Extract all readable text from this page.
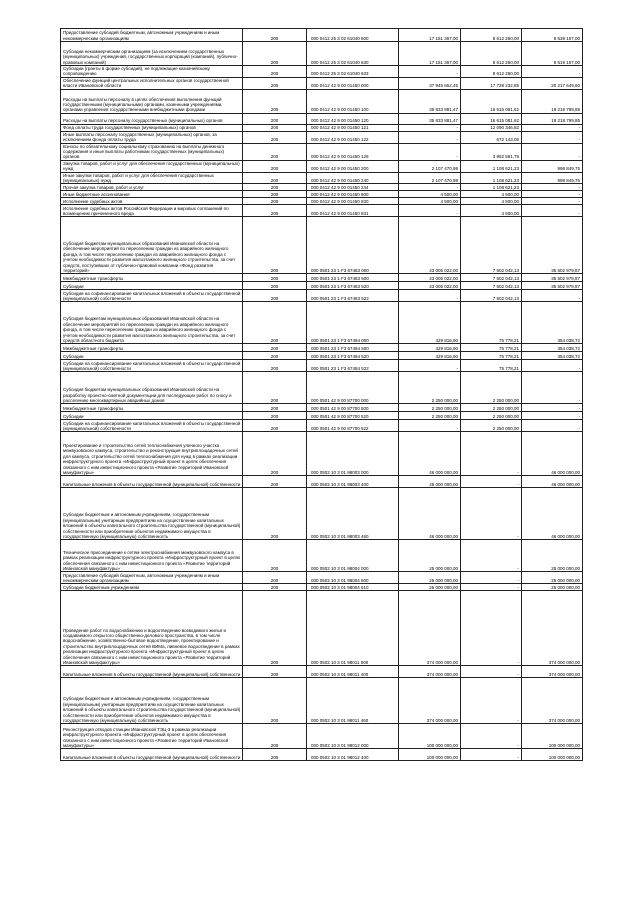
Предоставление субсидий бюджетным, автономным учреждениям и иным некоммерческим организациям	200	000 0412 25 3 02 61040 600	17 151 367,00	8 612 260,00	8 539 107,00
Субсидии некоммерческим организациям (за исключением государственных (муниципальных) учреждений, государственных корпораций (компаний), публично-правовых компаний)	200	000 0412 25 3 02 61040 630	17 151 367,00	8 612 260,00	8 519 107,00
Субсидии (гранты в форме субсидий), не подлежащие казначейскому сопровождению	200	000 0412 25 3 02 61040 633	-	8 612 260,00	-
Обеспечение функций центральных исполнительных органов государственной власти Ивановской области	200	000 0412 42 9 00 01450 000	37 945 652,45	17 728 232,85	20 217 649,60
Расходы на выплаты персоналу в целях обеспечения выполнения функций государственными (муниципальными) органами, казенными учреждениями, органами управления государственными внебюджетными фондами	200	000 0412 42 9 00 01450 100	35 833 881,47	16 615 081,62	19 218 799,85
Расходы на выплаты персоналу государственных (муниципальных) органов	200	000 0412 42 9 00 01450 120	35 833 881,47	16 615 081,62	19 218 799,85
Фонд оплаты труда государственных (муниципальных) органов	200	000 0412 42 9 00 01450 121	-	12 090 346,82	-
Иные выплаты персоналу государственных (муниципальных) органов, за исключением фонда оплаты труда	200	000 0412 42 9 00 01450 122	-	672 143,05	-
Взносы по обязательному социальному страхованию на выплаты денежного содержания и иные выплаты работникам государственных (муниципальных) органов	200	000 0412 42 9 00 01450 129	-	3 852 591,75	-
Закупка товаров, работ и услуг для обеспечения государственных (муниципальных) нужд	200	000 0412 42 9 00 01450 200	2 107 470,98	1 108 621,23	998 849,75
Иные закупки товаров, работ и услуг для обеспечения государственных (муниципальных) нужд	200	000 0412 42 9 00 01450 240	2 107 470,98	1 108 621,23	998 849,75
Прочая закупка товаров, работ и услуг	200	000 0412 42 9 00 01450 244	-	1 108 621,23	-
Иные бюджетные ассигнования	200	000 0412 42 9 00 01450 800	4 500,00	4 500,00	-
Исполнение судебных актов	200	000 0412 42 9 00 01450 830	4 500,00	4 500,00	-
Исполнение судебных актов Российской Федерации и мировых соглашений по возмещению причиненного вреда	200	000 0412 42 9 00 01450 831	-	4 500,00	-
Субсидия бюджетам муниципальных образований Ивановской области на обеспечение мероприятий по переселению граждан из аварийного жилищного фонда, в том числе переселению граждан из аварийного жилищного фонда с учетом необходимости развития малоэтажного жилищного строительства, за счет средств, поступивших от публично-правовой компании «Фонд развития территорий»	200	000 0501 23 1 F3 67483 000	43 005 022,00	7 502 042,13	35 502 979,87
Межбюджетные трансферты	200	000 0501 23 1 F3 67483 500	43 005 022,00	7 502 042,13	35 502 979,87
Субсидии	200	000 0501 23 1 F3 67483 520	43 005 022,00	7 502 042,13	35 502 979,87
Субсидии на софинансирование капитальных вложений в объекты государственной (муниципальной) собственности	200	000 0501 23 1 F3 67483 522	-	7 502 042,13	-
Субсидия бюджетам муниципальных образований Ивановской области на обеспечение мероприятий по переселению граждан из аварийного жилищного фонда, в том числе переселению граждан из аварийного жилищного фонда с учетом необходимости развития малоэтажного жилищного строительства, за счет средств областного бюджета	200	000 0501 23 1 F3 67484 000	429 816,90	75 778,21	354 038,72
Межбюджетные трансферты	200	000 0501 23 1 F3 67484 500	429 816,90	75 778,21	354 038,72
Субсидии	200	000 0501 23 1 F3 67484 520	429 816,90	75 778,21	354 038,72
Субсидии на софинансирование капитальных вложений в объекты государственной (муниципальной) собственности	200	000 0501 23 1 F3 67484 522	-	75 778,21	-
Субсидия бюджетам муниципальных образований Ивановской области на разработку проектно-сметной документации для последующих работ по сносу и расселению многоквартирных аварийных домов	200	000 0501 42 9 00 87700 000	2 250 000,00	2 250 000,00	-
Межбюджетные трансферты	200	000 0501 42 9 00 87700 500	2 250 000,00	2 250 000,00	-
Субсидии	200	000 0501 42 9 00 87700 520	2 250 000,00	2 250 000,00	-
Субсидии на софинансирование капитальных вложений в объекты государственной (муниципальной) собственности	200	000 0501 42 9 00 87700 522	-	2 250 000,00	-
Проектирование и строительство сетей теплоснабжения уличного участка межвузовского кампуса, строительство и реконструкция внутриплощадочных сетей для кампуса, строительство сетей теплоснабжения для нужд в рамках реализации инфраструктурного проекта «Инфраструктурный проект в целях обеспечения связанного с ним инвестиционного проекта «Развитие территорий Ивановской мануфактуры»	200	000 0502 10 3 01 98003 000	46 000 000,00	-	46 000 000,00
Капитальные вложения в объекты государственной (муниципальной) собственности	200	000 0502 10 3 01 98003 400	46 000 000,00	-	46 000 000,00
Субсидии бюджетным и автономным учреждениям, государственным (муниципальным) унитарным предприятиям на осуществление капитальных вложений в объекты капитального строительства государственной (муниципальной) собственности или приобретение объектов недвижимого имущества в государственную (муниципальную) собственность	200	000 0502 10 3 01 98003 460	46 000 000,00	-	46 000 000,00
Техническое присоединение к сетям электроснабжения межвузовского кампуса в рамках реализации инфраструктурного проекта «Инфраструктурный проект в целях обеспечения связанного с ним инвестиционного проекта «Развитие территорий Ивановской мануфактуры»	200	000 0502 10 3 01 98004 000	25 000 000,00	-	25 000 000,00
Предоставление субсидий бюджетным, автономным учреждениям и иным некоммерческим организациям	200	000 0502 10 3 01 98004 600	25 000 000,00	-	25 000 000,00
Субсидии бюджетным учреждениям	200	000 0502 10 3 01 98004 610	25 000 000,00	-	25 000 000,00
Проведение работ по водоснабжению и водоотведению возводимого жилья и создаваемого открытого общественно-делового пространства, в том числе водоснабжение, хозяйственно-бытовое водоотведение, проектирование и строительство внутриплощадочных сетей ВИМа, ливневое водоотведение в рамках реализации инфраструктурного проекта «Инфраструктурный проект в целях обеспечения связанного с ним инвестиционного проекта «Развитие территорий Ивановской мануфактуры»	200	000 0502 10 3 01 98011 000	374 000 000,00	-	374 000 000,00
Капитальные вложения в объекты государственной (муниципальной) собственности	200	000 0502 10 3 01 98011 400	374 000 000,00	-	374 000 000,00
Субсидии бюджетным и автономным учреждениям, государственным (муниципальным) унитарным предприятиям на осуществление капитальных вложений в объекты капитального строительства государственной (муниципальной) собственности или приобретение объектов недвижимого имущества в государственную (муниципальную) собственность	200	000 0502 10 3 01 98011 460	374 000 000,00	-	374 000 000,00
Реконструкция отводов станции Ивановской ТЭЦ-3 в рамках реализации инфраструктурного проекта «Инфраструктурный проект в целях обеспечения связанного с ним инвестиционного проекта «Развитие территорий Ивановской мануфактуры»	200	000 0502 10 3 01 98012 000	100 000 000,00	-	100 000 000,00
Капитальные вложения в объекты государственной (муниципальной) собственности	200	000 0502 10 3 01 98012 400	100 000 000,00	-	100 000 000,00
